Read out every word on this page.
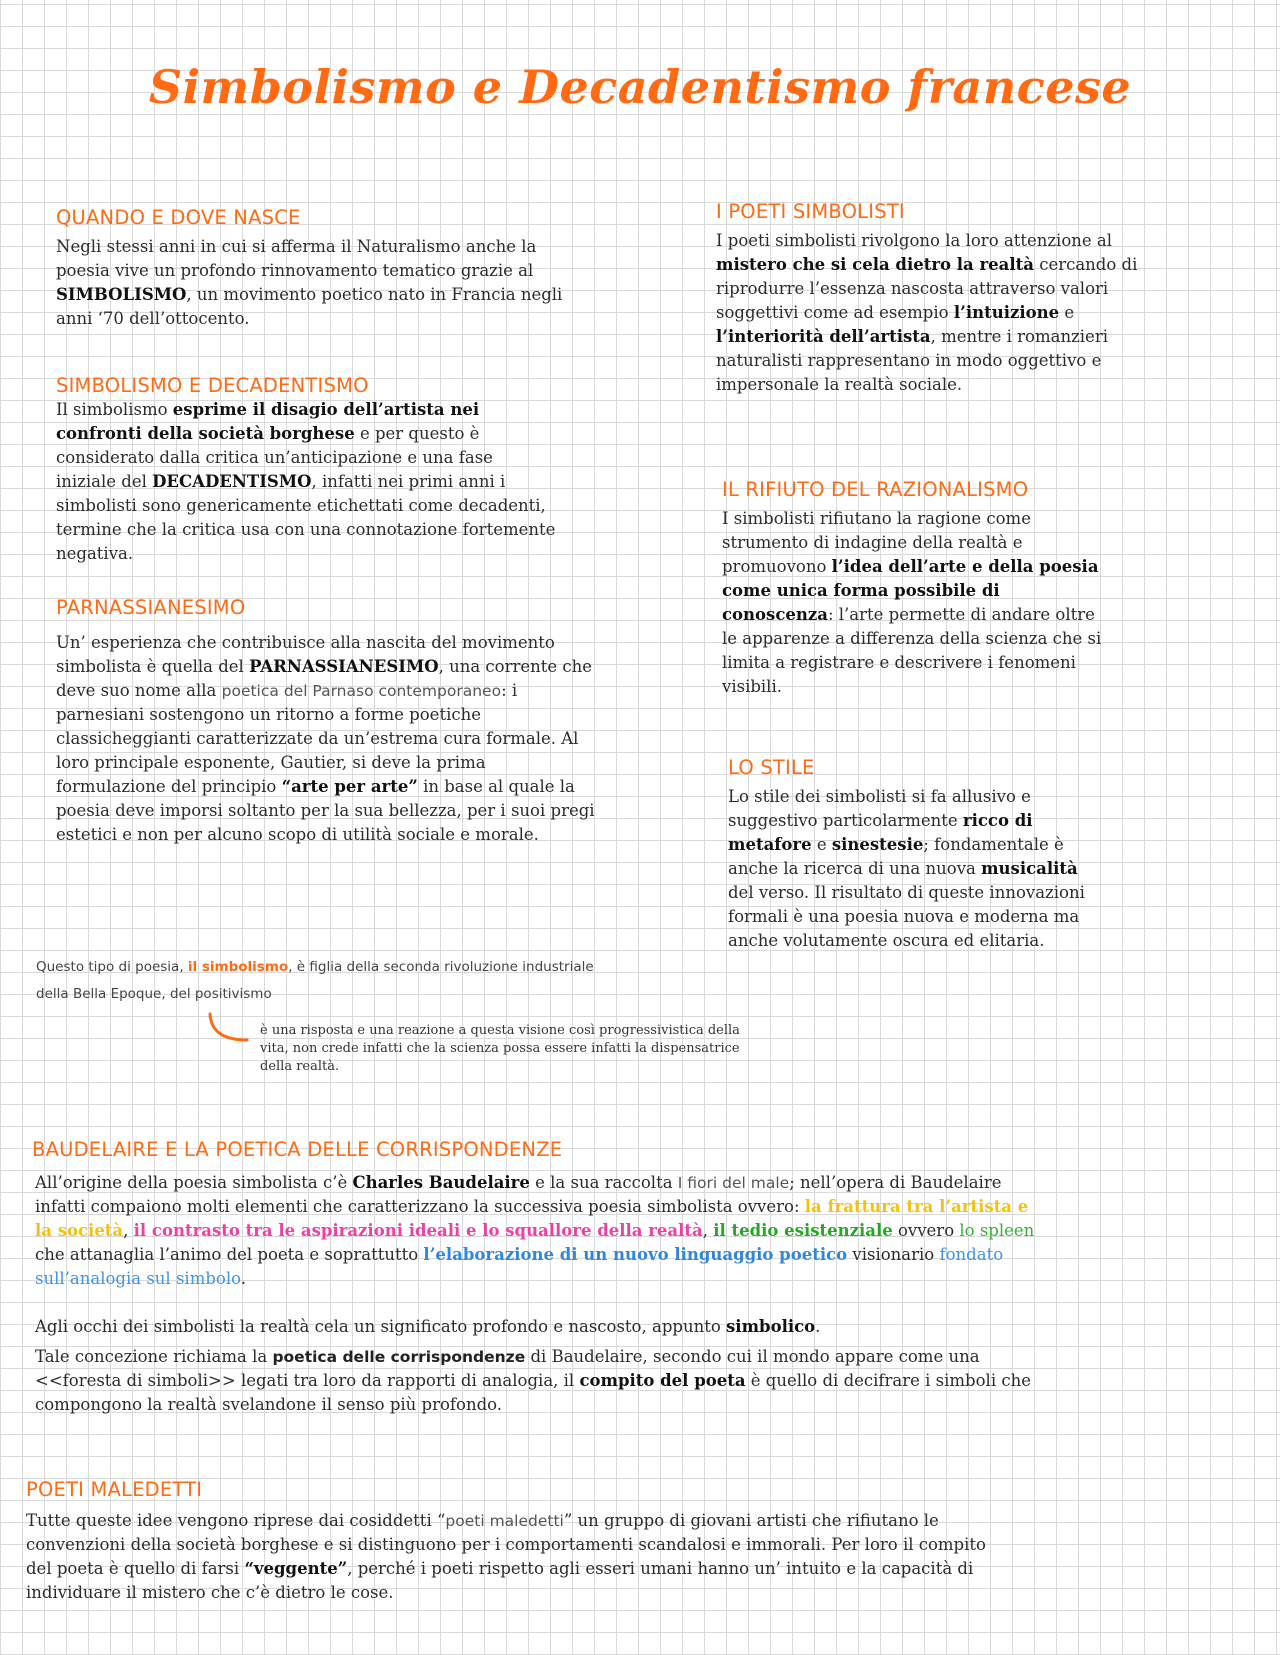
Simbolismo e Decadentismo francese
QUANDO E DOVE NASCE

Negli stessi anni in cui si afferma il Naturalismo anche la poesia vive un profondo rinnovamento tematico grazie al SIMBOLISMO, un movimento poetico nato in Francia negli anni ‘70 dell’ottocento.

SIMBOLISMO E DECADENTISMO

Il simbolismo esprime il disagio dell’artista nei confronti della società borghese e per questo è considerato dalla critica un’anticipazione e una fase iniziale del DECADENTISMO, infatti nei primi anni i simbolisti sono genericamente etichettati come decadenti, termine che la critica usa con una connotazione fortemente negativa.

PARNASSIANESIMO

Un’ esperienza che contribuisce alla nascita del movimento simbolista è quella del PARNASSIANESIMO, una corrente che deve suo nome alla poetica del Parnaso contemporaneo: i parnesiani sostengono un ritorno a forme poetiche classicheggianti caratterizzate da un’estrema cura formale. Al loro principale esponente, Gautier, si deve la prima formulazione del principio “arte per arte” in base al quale la poesia deve imporsi soltanto per la sua bellezza, per i suoi pregi estetici e non per alcuno scopo di utilità sociale e morale.

Questo tipo di poesia, il simbolismo, è figlia della seconda rivoluzione industriale della Bella Epoque, del positivismo
è una risposta e una reazione a questa visione così progressivistica della vita, non crede infatti che la scienza possa essere infatti la dispensatrice della realtà.
I POETI SIMBOLISTI

I poeti simbolisti rivolgono la loro attenzione al mistero che si cela dietro la realtà cercando di riprodurre l’essenza nascosta attraverso valori soggettivi come ad esempio l’intuizione e l’interiorità dell’artista, mentre i romanzieri naturalisti rappresentano in modo oggettivo e impersonale la realtà sociale.

IL RIFIUTO DEL RAZIONALISMO

I simbolisti rifiutano la ragione come strumento di indagine della realtà e promuovono l’idea dell’arte e della poesia come unica forma possibile di conoscenza: l’arte permette di andare oltre le apparenze a differenza della scienza che si limita a registrare e descrivere i fenomeni visibili.

LO STILE

Lo stile dei simbolisti si fa allusivo e suggestivo particolarmente ricco di metafore e sinestesie; fondamentale è anche la ricerca di una nuova musicalità del verso. Il risultato di queste innovazioni formali è una poesia nuova e moderna ma anche volutamente oscura ed elitaria.

BAUDELAIRE E LA POETICA DELLE CORRISPONDENZE

All’origine della poesia simbolista c’è Charles Baudelaire e la sua raccolta I fiori del male; nell’opera di Baudelaire infatti compaiono molti elementi che caratterizzano la successiva poesia simbolista ovvero: la frattura tra l’artista e la società, il contrasto tra le aspirazioni ideali e lo squallore della realtà, il tedio esistenziale ovvero lo spleen che attanaglia l’animo del poeta e soprattutto l’elaborazione di un nuovo linguaggio poetico visionario fondato sull’analogia sul simbolo.

Agli occhi dei simbolisti la realtà cela un significato profondo e nascosto, appunto simbolico.

Tale concezione richiama la poetica delle corrispondenze di Baudelaire, secondo cui il mondo appare come una <<foresta di simboli>> legati tra loro da rapporti di analogia, il compito del poeta è quello di decifrare i simboli che compongono la realtà svelandone il senso più profondo.

POETI MALEDETTI

Tutte queste idee vengono riprese dai cosiddetti “poeti maledetti” un gruppo di giovani artisti che rifiutano le convenzioni della società borghese e si distinguono per i comportamenti scandalosi e immorali. Per loro il compito del poeta è quello di farsi “veggente”, perché i poeti rispetto agli esseri umani hanno un’ intuito e la capacità di individuare il mistero che c’è dietro le cose.
